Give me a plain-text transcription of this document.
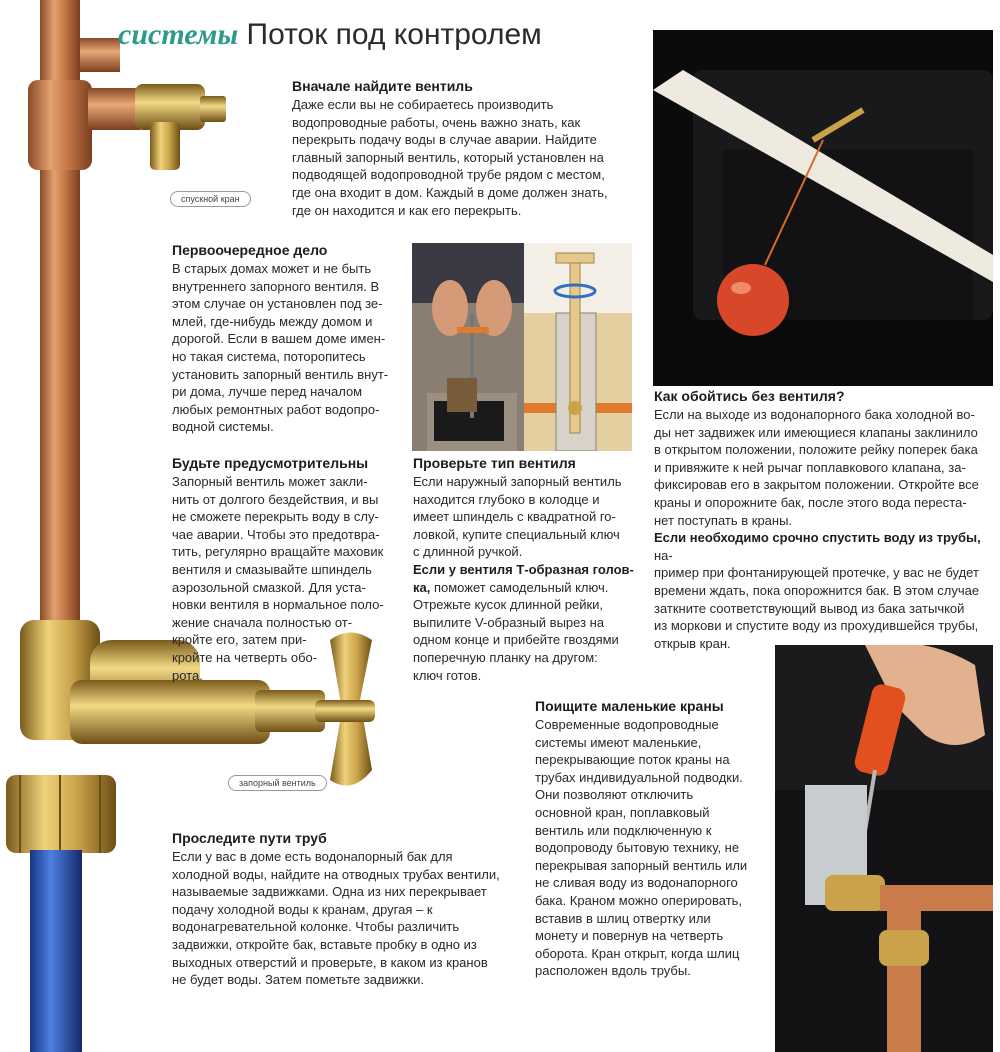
спускной кран
запорный вентиль
системы Поток под контролем
Вначале найдите вентиль

Даже если вы не собираетесь производить

водопроводные работы, очень важно знать, как

перекрыть подачу воды в случае аварии. Найдите

главный запорный вентиль, который установлен на

подводящей водопроводной трубе рядом с местом,

где она входит в дом. Каждый в доме должен знать,

где он находится и как его перекрыть.

Первоочередное дело

В старых домах может и не быть

внутреннего запорного вентиля. В

этом случае он установлен под зе-

млей, где-нибудь между домом и

дорогой. Если в вашем доме имен-

но такая система, поторопитесь

установить запорный вентиль внут-

ри дома, лучше перед началом

любых ремонтных работ водопро-

водной системы.

Будьте предусмотрительны

Запорный вентиль может закли-

нить от долгого бездействия, и вы

не сможете перекрыть воду в слу-

чае аварии. Чтобы это предотвра-

тить, регулярно вращайте маховик

вентиля и смазывайте шпиндель

аэрозольной смазкой. Для уста-

новки вентиля в нормальное поло-

жение сначала полностью от-

кройте его, затем при-

кройте на четверть обо-

рота.

Проверьте тип вентиля

Если наружный запорный вентиль

находится глубоко в колодце и

имеет шпиндель с квадратной го-

ловкой, купите специальный ключ

с длинной ручкой.

Если у вентиля Т-образная голов-

ка, поможет самодельный ключ.

Отрежьте кусок длинной рейки,

выпилите V-образный вырез на

одном конце и прибейте гвоздями

поперечную планку на другом:

ключ готов.

Как обойтись без вентиля?

Если на выходе из водонапорного бака холодной во-

ды нет задвижек или имеющиеся клапаны заклинило

в открытом положении, положите рейку поперек бака

и привяжите к ней рычаг поплавкового клапана, за-

фиксировав его в закрытом положении. Откройте все

краны и опорожните бак, после этого вода переста-

нет поступать в краны.

Если необходимо срочно спустить воду из трубы, на-

пример при фонтанирующей протечке, у вас не будет

времени ждать, пока опорожнится бак. В этом случае

заткните соответствующий вывод из бака затычкой

из моркови и спустите воду из прохудившейся трубы,

открыв кран.

Поищите маленькие краны

Современные водопроводные

системы имеют маленькие,

перекрывающие поток краны на

трубах индивидуальной подводки.

Они позволяют отключить

основной кран, поплавковый

вентиль или подключенную к

водопроводу бытовую технику, не

перекрывая запорный вентиль или

не сливая воду из водонапорного

бака. Краном можно оперировать,

вставив в шлиц отвертку или

монету и повернув на четверть

оборота. Кран открыт, когда шлиц

расположен вдоль трубы.

Проследите пути труб

Если у вас в доме есть водонапорный бак для

холодной воды, найдите на отводных трубах вентили,

называемые задвижками. Одна из них перекрывает

подачу холодной воды к кранам, другая – к

водонагревательной колонке. Чтобы различить

задвижки, откройте бак, вставьте пробку в одно из

выходных отверстий и проверьте, в каком из кранов

не будет воды. Затем пометьте задвижки.
